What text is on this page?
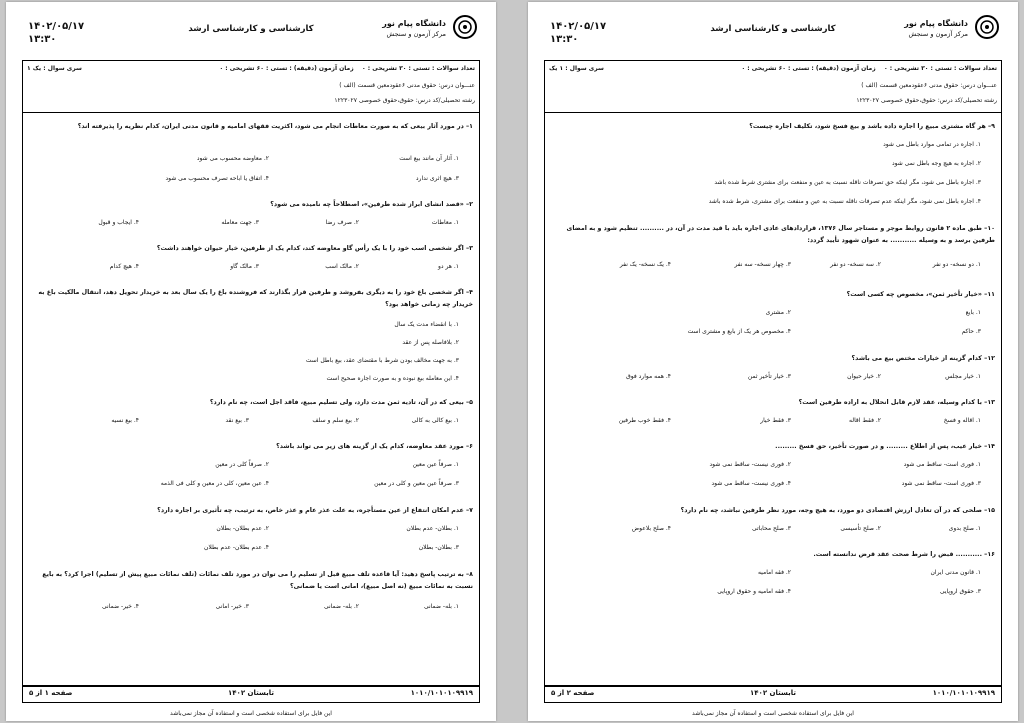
۱۴۰۲/۰۵/۱۷
۱۳:۳۰
کارشناسی و کارشناسی ارشد
دانشگاه پیام نور
مرکز آزمون و سنجش
تعداد سوالات : تستی : ۳۰ تشریحی : ۰    زمان آزمون (دقیقه) : تستی : ۶۰ تشریحی : ۰
سری سوال : ۱ یک
عنـــوان درس: حقوق مدنی ۶عقودمعین قسمت (الف )
رشته تحصیلی/کد درس: حقوق،حقوق خصوصی ۱۲۲۳۰۲۷
۹– هر گاه مشتری مبیع را اجاره داده باشد و بیع فسخ شود، تکلیف اجاره چیست؟
۱. اجاره در تمامی موارد باطل می شود
۲. اجاره به هیچ وجه باطل نمی شود
۳. اجاره باطل می شود، مگر اینکه حق تصرفات ناقله نسبت به عین و منفعت برای مشتری شرط شده باشد
۴. اجاره باطل نمی شود، مگر اینکه عدم تصرفات ناقله نسبت به عین و منفعت برای مشتری، شرط شده باشد
۱۰– طبق ماده ۲ قانون روابط موجر و مستاجر سال ۱۳۷۶، قراردادهای عادی اجاره باید با قید مدت در آن، در .......... تنظیم شود و به امضای طرفین برسد و به وسیله ........... به عنوان شهود تأیید گردد:
۱. دو نسخه- دو نفر
۲. سه نسخه- دو نفر
۳. چهار نسخه- سه نفر
۴. یک نسخه- یک نفر
۱۱– «خیار تأخیر ثمن»، مخصوص چه کسی است؟
۱. بایع
۲. مشتری
۳. حاکم
۴. مخصوص هر یک از بایع و مشتری است
۱۲– کدام گزینه از خیارات مختص بیع می باشد؟
۱. خیار مجلس
۲. خیار حیوان
۳. خیار تأخیر ثمن
۴. همه موارد فوق
۱۳– با کدام وسیله، عقد لازم قابل انحلال به اراده طرفین است؟
۱. اقاله و فسخ
۲. فقط اقاله
۳. فقط خیار
۴. فقط خوب طرفین
۱۴– خیار عیب، پس از اطلاع ......... و در صورت تأخیر، حق فسخ .........
۱. فوری است- ساقط می شود
۲. فوری نیست- ساقط نمی شود
۳. فوری است- ساقط نمی شود
۴. فوری نیست- ساقط می شود
۱۵– صلحی که در آن تعادل ارزش اقتصادی دو مورد، به هیچ وجه، مورد نظر طرفین نباشد، چه نام دارد؟
۱. صلح بدوی
۲. صلح تأسیسی
۳. صلح محاباتی
۴. صلح بلاعوض
۱۶– ........... قبض را شرط صحت عقد قرض ندانسته است.
۱. قانون مدنی ایران
۲. فقه امامیه
۳. حقوق اروپایی
۴. فقه امامیه و حقوق اروپایی
صفحه ۲ از ۵	تابستان ۱۴۰۲	۱۰۱۰/۱۰۱۰۱۰۹۹۱۹
این فایل برای استفاده شخصی است و استفاده آن مجاز نمی‌باشد
۱۴۰۲/۰۵/۱۷
۱۳:۳۰
کارشناسی و کارشناسی ارشد
دانشگاه پیام نور
مرکز آزمون و سنجش
تعداد سوالات : تستی : ۳۰ تشریحی : ۰    زمان آزمون (دقیقه) : تستی : ۶۰ تشریحی : ۰
سری سوال : یک ۱
عنـــوان درس: حقوق مدنی ۶عقودمعین قسمت (الف )
رشته تحصیلی/کد درس: حقوق،حقوق خصوصی ۱۲۲۳۰۲۷
۱– در مورد آثار بیعی که به صورت معاطات انجام می شود، اکثریت فقهای امامیه و قانون مدنی ایران، کدام نظریه را پذیرفته اند؟
۱. آثار آن مانند بیع است
۲. معاوضه محسوب می شود
۳. هیچ اثری ندارد
۴. اتفاق یا اباحه تصرف محسوب می شود
۲– «قصد انشای ابراز شده طرفین»، اصطلاحاً چه نامیده می شود؟
۱. معاطات
۲. صرف رضا
۳. جهت معامله
۴. ایجاب و قبول
۳– اگر شخصی اسب خود را با یک رأس گاو معاوضه کند، کدام یک از طرفین، خیار حیوان خواهند داشت؟
۱. هر دو
۲. مالک اسب
۳. مالک گاو
۴. هیچ کدام
۴– اگر شخصی باغ خود را به دیگری بفروشد و طرفین قرار بگذارند که فروشنده باغ را یک سال بعد به خریدار تحویل دهد، انتقال مالکیت باغ به خریدار چه زمانی خواهد بود؟
۱. با انقضاء مدت یک سال
۲. بلافاصله پس از عقد
۳. به جهت مخالف بودن شرط با مقتضای عقد، بیع باطل است
۴. این معامله بیع نبوده و به صورت اجاره صحیح است
۵– بیعی که در آن، تادیه ثمن مدت دارد، ولی تسلیم مبیع، فاقد اجل است، چه نام دارد؟
۱. بیع کالی به کالی
۲. بیع سلم و سلف
۳. بیع نقد
۴. بیع نسیه
۶– مورد عقد معاوضه، کدام یک از گزینه های زیر می تواند باشد؟
۱. صرفاً عین معین
۲. صرفاً کلی در معین
۳. صرفاً عین معین و کلی در معین
۴. عین معین، کلی در معین و کلی فی الذمه
۷– عدم امکان انتفاع از عین مستأجره، به علت عذر عام و عذر خاص، به ترتیب، چه تأثیری بر اجاره دارد؟
۱. بطلان- عدم بطلان
۲. عدم بطلان- بطلان
۳. بطلان- بطلان
۴. عدم بطلان- عدم بطلان
۸– به ترتیب پاسخ دهید: آیا قاعده تلف مبیع قبل از تسلیم را می توان در مورد تلف نمائات (تلف نمائات مبیع پیش از تسلیم) اجرا کرد؟ به بایع نسبت به نمائات مبیع (نه اصل مبیع)، امانی است یا ضمانی؟
۱. بله- ضمانی
۲. بله- ضمانی
۳. خیر- امانی
۴. خیر- ضمانی
صفحه ۱ از ۵	تابستان ۱۴۰۲	۱۰۱۰/۱۰۱۰۱۰۹۹۱۹
این فایل برای استفاده شخصی است و استفاده آن مجاز نمی‌باشد
